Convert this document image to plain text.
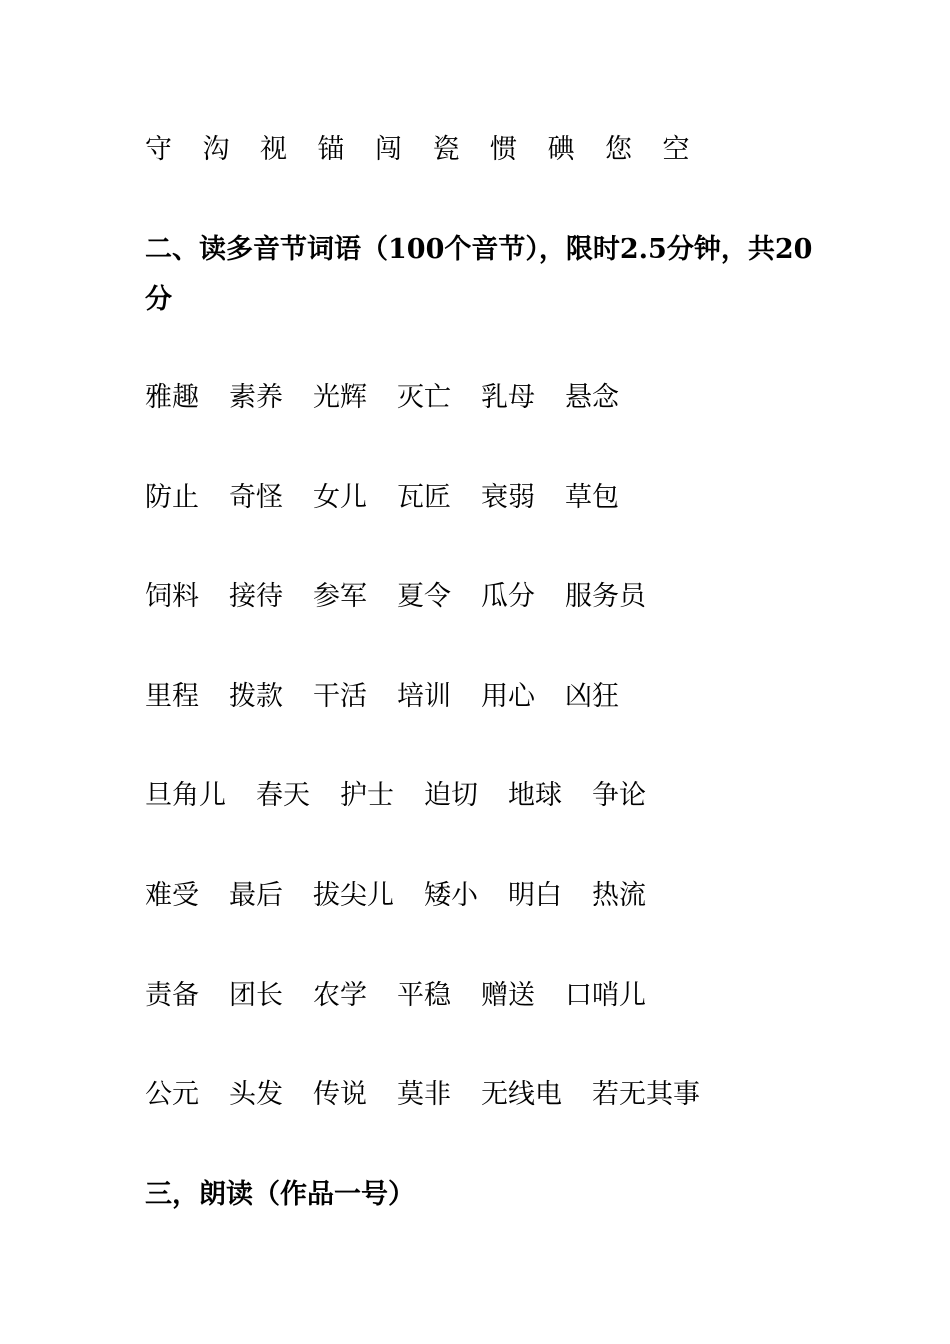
守 沟 视 锚 闯 瓷 惯 碘 您 空
二、读多音节词语（100个音节），限时2.5分钟，共20分
雅趣 素养 光辉 灭亡 乳母 悬念
防止 奇怪 女儿 瓦匠 衰弱 草包
饲料 接待 参军 夏令 瓜分 服务员
里程 拨款 干活 培训 用心 凶狂
旦角儿 春天 护士 迫切 地球 争论
难受 最后 拔尖儿 矮小 明白 热流
责备 团长 农学 平稳 赠送 口哨儿
公元 头发 传说 莫非 无线电 若无其事
三，朗读（作品一号）
